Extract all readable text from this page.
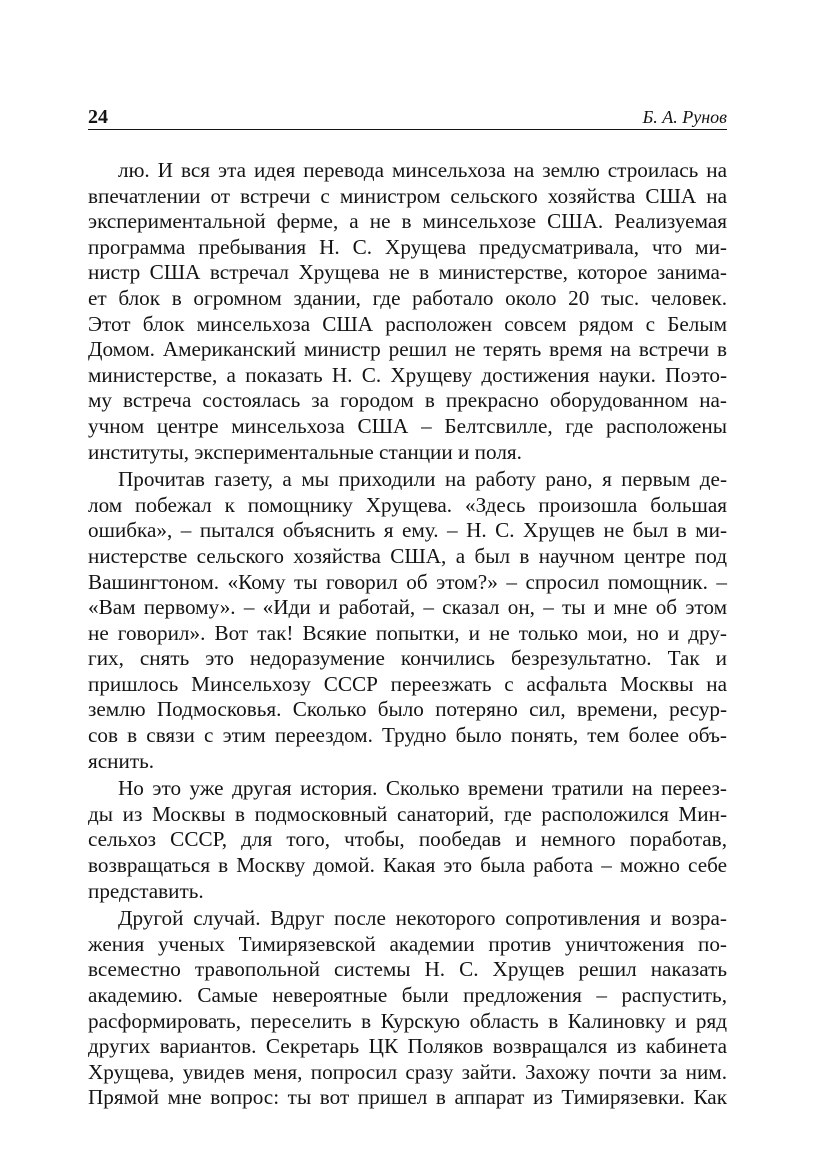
24	Б. А. Рунов
лю. И вся эта идея перевода минсельхоза на землю строилась на
впечатлении от встречи с министром сельского хозяйства США на
экспериментальной ферме, а не в минсельхозе США. Реализуемая
программа пребывания Н. С. Хрущева предусматривала, что ми-
нистр США встречал Хрущева не в министерстве, которое занима-
ет блок в огромном здании, где работало около 20 тыс. человек.
Этот блок минсельхоза США расположен совсем рядом с Белым
Домом. Американский министр решил не терять время на встречи в
министерстве, а показать Н. С. Хрущеву достижения науки. Поэто-
му встреча состоялась за городом в прекрасно оборудованном на-
учном центре минсельхоза США – Белтсвилле, где расположены
институты, экспериментальные станции и поля.
Прочитав газету, а мы приходили на работу рано, я первым де-
лом побежал к помощнику Хрущева. «Здесь произошла большая
ошибка», – пытался объяснить я ему. – Н. С. Хрущев не был в ми-
нистерстве сельского хозяйства США, а был в научном центре под
Вашингтоном. «Кому ты говорил об этом?» – спросил помощник. –
«Вам первому». – «Иди и работай, – сказал он, – ты и мне об этом
не говорил». Вот так! Всякие попытки, и не только мои, но и дру-
гих, снять это недоразумение кончились безрезультатно. Так и
пришлось Минсельхозу СССР переезжать с асфальта Москвы на
землю Подмосковья. Сколько было потеряно сил, времени, ресур-
сов в связи с этим переездом. Трудно было понять, тем более объ-
яснить.
Но это уже другая история. Сколько времени тратили на переез-
ды из Москвы в подмосковный санаторий, где расположился Мин-
сельхоз СССР, для того, чтобы, пообедав и немного поработав,
возвращаться в Москву домой. Какая это была работа – можно себе
представить.
Другой случай. Вдруг после некоторого сопротивления и возра-
жения ученых Тимирязевской академии против уничтожения по-
всеместно травопольной системы Н. С. Хрущев решил наказать
академию. Самые невероятные были предложения – распустить,
расформировать, переселить в Курскую область в Калиновку и ряд
других вариантов. Секретарь ЦК Поляков возвращался из кабинета
Хрущева, увидев меня, попросил сразу зайти. Захожу почти за ним.
Прямой мне вопрос: ты вот пришел в аппарат из Тимирязевки. Как
